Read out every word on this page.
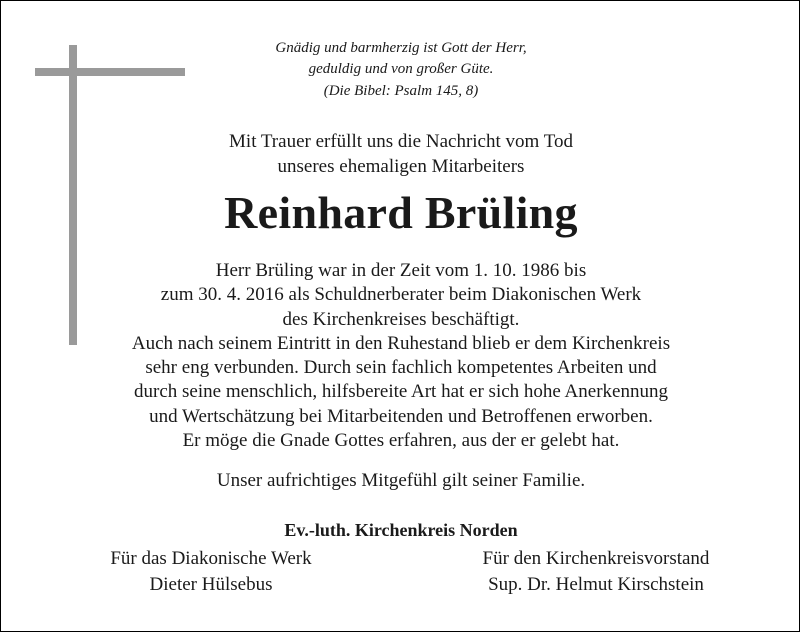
Gnädig und barmherzig ist Gott der Herr,
geduldig und von großer Güte.
(Die Bibel: Psalm 145, 8)
Mit Trauer erfüllt uns die Nachricht vom Tod
unseres ehemaligen Mitarbeiters
Reinhard Brüling
Herr Brüling war in der Zeit vom 1. 10. 1986 bis
zum 30. 4. 2016 als Schuldnerberater beim Diakonischen Werk
des Kirchenkreises beschäftigt.
Auch nach seinem Eintritt in den Ruhestand blieb er dem Kirchenkreis
sehr eng verbunden. Durch sein fachlich kompetentes Arbeiten und
durch seine menschlich, hilfsbereite Art hat er sich hohe Anerkennung
und Wertschätzung bei Mitarbeitenden und Betroffenen erworben.
Er möge die Gnade Gottes erfahren, aus der er gelebt hat.
Unser aufrichtiges Mitgefühl gilt seiner Familie.
Ev.-luth. Kirchenkreis Norden
Für das Diakonische Werk
Dieter Hülsebus
Für den Kirchenkreisvorstand
Sup. Dr. Helmut Kirschstein
